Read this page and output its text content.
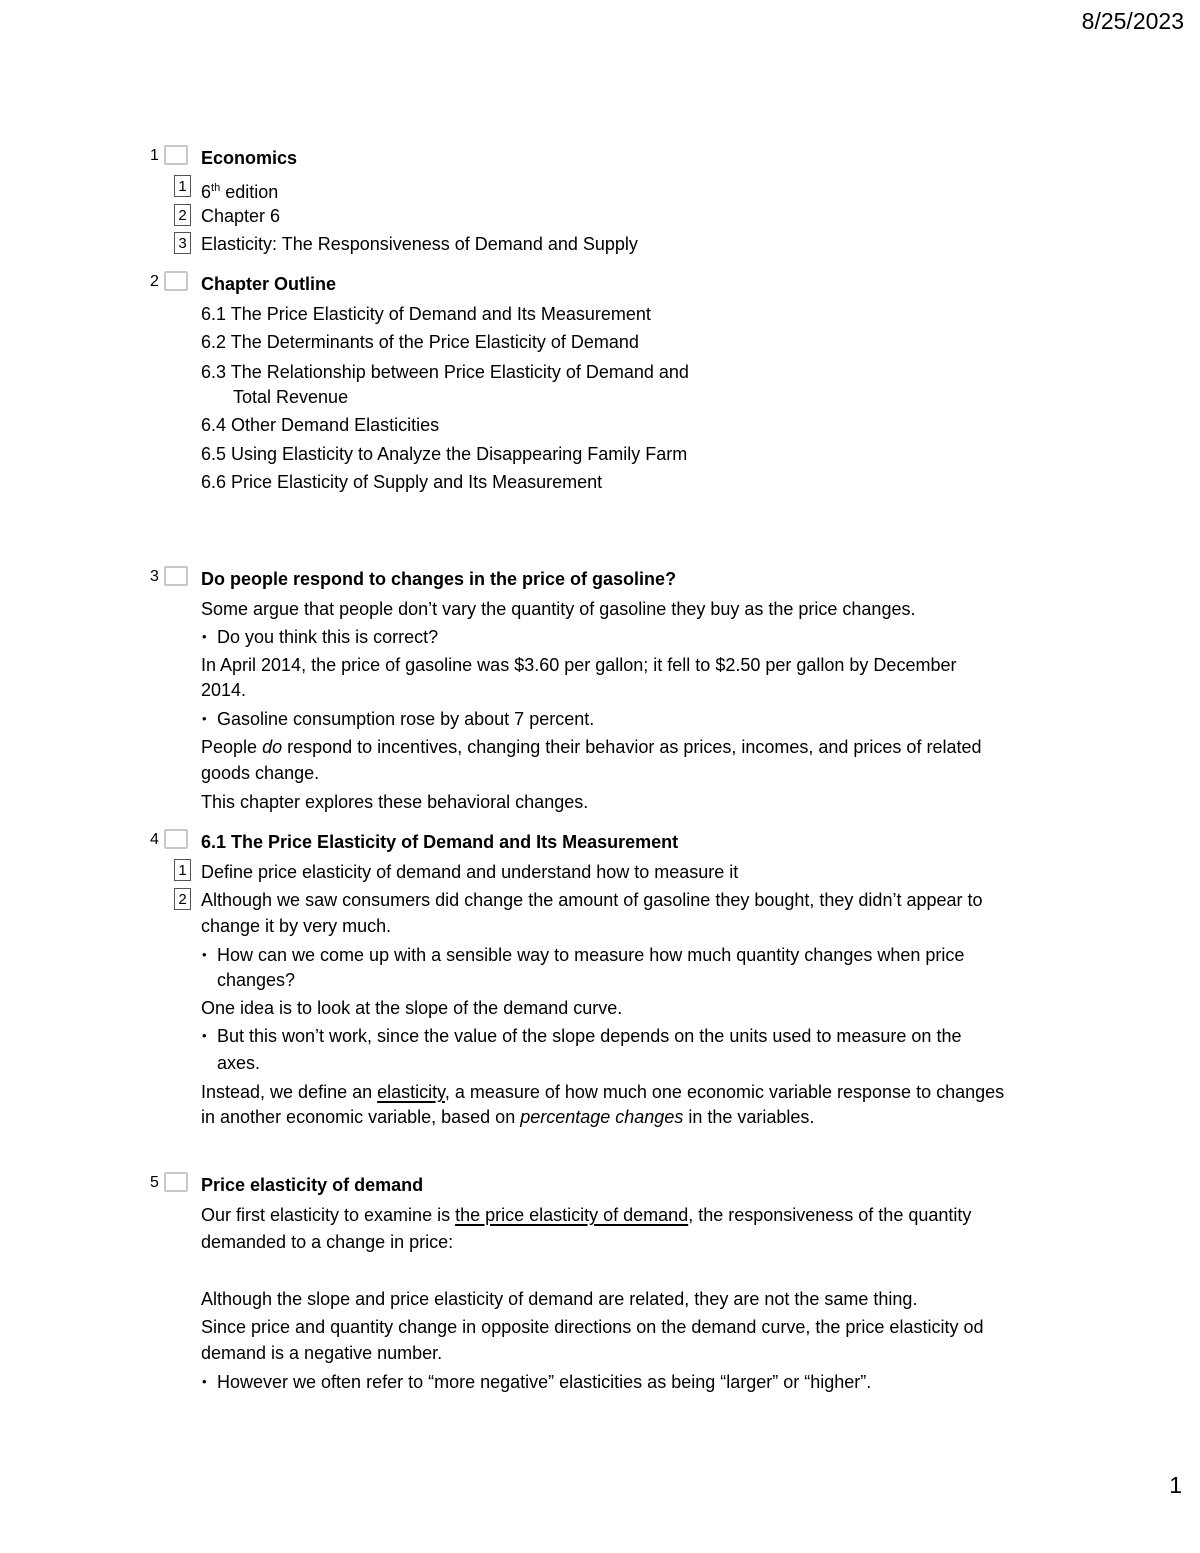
8/25/2023
1 Economics
1 6th edition
2 Chapter 6
3 Elasticity: The Responsiveness of Demand and Supply
2 Chapter Outline
6.1 The Price Elasticity of Demand and Its Measurement
6.2 The Determinants of the Price Elasticity of Demand
6.3 The Relationship between Price Elasticity of Demand and
Total Revenue
6.4 Other Demand Elasticities
6.5 Using Elasticity to Analyze the Disappearing Family Farm
6.6 Price Elasticity of Supply and Its Measurement
3 Do people respond to changes in the price of gasoline?
Some argue that people don’t vary the quantity of gasoline they buy as the price changes.
• Do you think this is correct?
In April 2014, the price of gasoline was $3.60 per gallon; it fell to $2.50 per gallon by December
2014.
• Gasoline consumption rose by about 7 percent.
People do respond to incentives, changing their behavior as prices, incomes, and prices of related
goods change.
This chapter explores these behavioral changes.
4 6.1 The Price Elasticity of Demand and Its Measurement
1 Define price elasticity of demand and understand how to measure it
2 Although we saw consumers did change the amount of gasoline they bought, they didn’t appear to
change it by very much.
• How can we come up with a sensible way to measure how much quantity changes when price
changes?
One idea is to look at the slope of the demand curve.
• But this won’t work, since the value of the slope depends on the units used to measure on the
axes.
Instead, we define an elasticity, a measure of how much one economic variable response to changes
in another economic variable, based on percentage changes in the variables.
5 Price elasticity of demand
Our first elasticity to examine is the price elasticity of demand, the responsiveness of the quantity
demanded to a change in price:
Although the slope and price elasticity of demand are related, they are not the same thing.
Since price and quantity change in opposite directions on the demand curve, the price elasticity od
demand is a negative number.
• However we often refer to “more negative” elasticities as being “larger” or “higher”.
1
